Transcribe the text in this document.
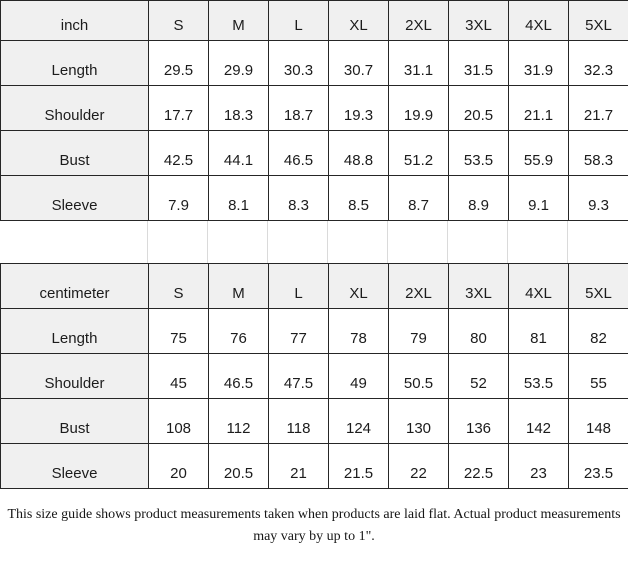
inch	S	M	L	XL	2XL	3XL	4XL	5XL
Length	29.5	29.9	30.3	30.7	31.1	31.5	31.9	32.3
Shoulder	17.7	18.3	18.7	19.3	19.9	20.5	21.1	21.7
Bust	42.5	44.1	46.5	48.8	51.2	53.5	55.9	58.3
Sleeve	7.9	8.1	8.3	8.5	8.7	8.9	9.1	9.3
centimeter	S	M	L	XL	2XL	3XL	4XL	5XL
Length	75	76	77	78	79	80	81	82
Shoulder	45	46.5	47.5	49	50.5	52	53.5	55
Bust	108	112	118	124	130	136	142	148
Sleeve	20	20.5	21	21.5	22	22.5	23	23.5

This size guide shows product measurements taken when products are laid flat. Actual product measurements may vary by up to 1".
